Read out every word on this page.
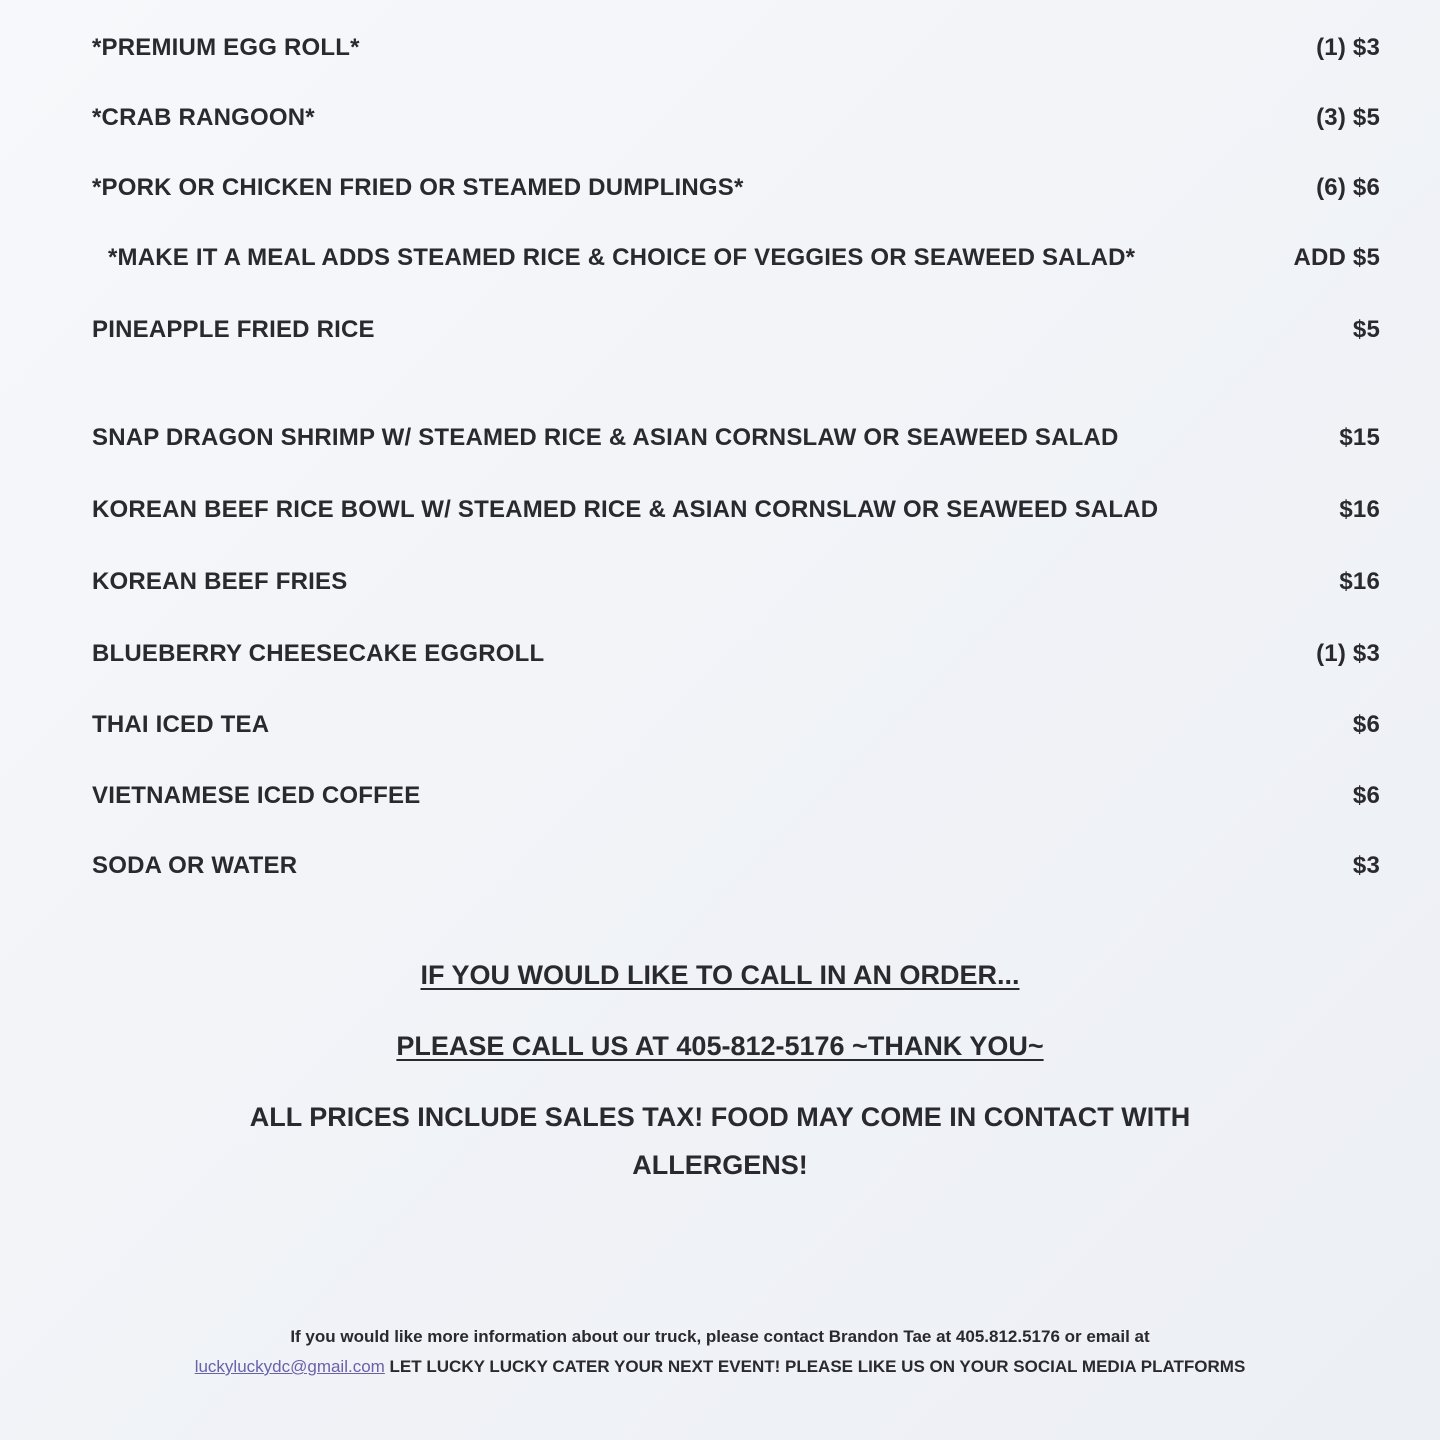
*PREMIUM EGG ROLL*	(1) $3
*CRAB RANGOON*	(3) $5
*PORK OR CHICKEN FRIED OR STEAMED DUMPLINGS*	(6) $6
*MAKE IT A MEAL ADDS STEAMED RICE & CHOICE OF VEGGIES OR SEAWEED SALAD*	ADD $5
PINEAPPLE FRIED RICE	$5
SNAP DRAGON SHRIMP W/ STEAMED RICE & ASIAN CORNSLAW OR SEAWEED SALAD	$15
KOREAN BEEF RICE BOWL W/ STEAMED RICE & ASIAN CORNSLAW OR SEAWEED SALAD	$16
KOREAN BEEF FRIES	$16
BLUEBERRY CHEESECAKE EGGROLL	(1) $3
THAI ICED TEA	$6
VIETNAMESE ICED COFFEE	$6
SODA OR WATER	$3
IF YOU WOULD LIKE TO CALL IN AN ORDER...
PLEASE CALL US AT 405-812-5176 ~THANK YOU~
ALL PRICES INCLUDE SALES TAX! FOOD MAY COME IN CONTACT WITH
ALLERGENS!
If you would like more information about our truck, please contact Brandon Tae at 405.812.5176 or email at
luckyluckydc@gmail.com LET LUCKY LUCKY CATER YOUR NEXT EVENT! PLEASE LIKE US ON YOUR SOCIAL MEDIA PLATFORMS
